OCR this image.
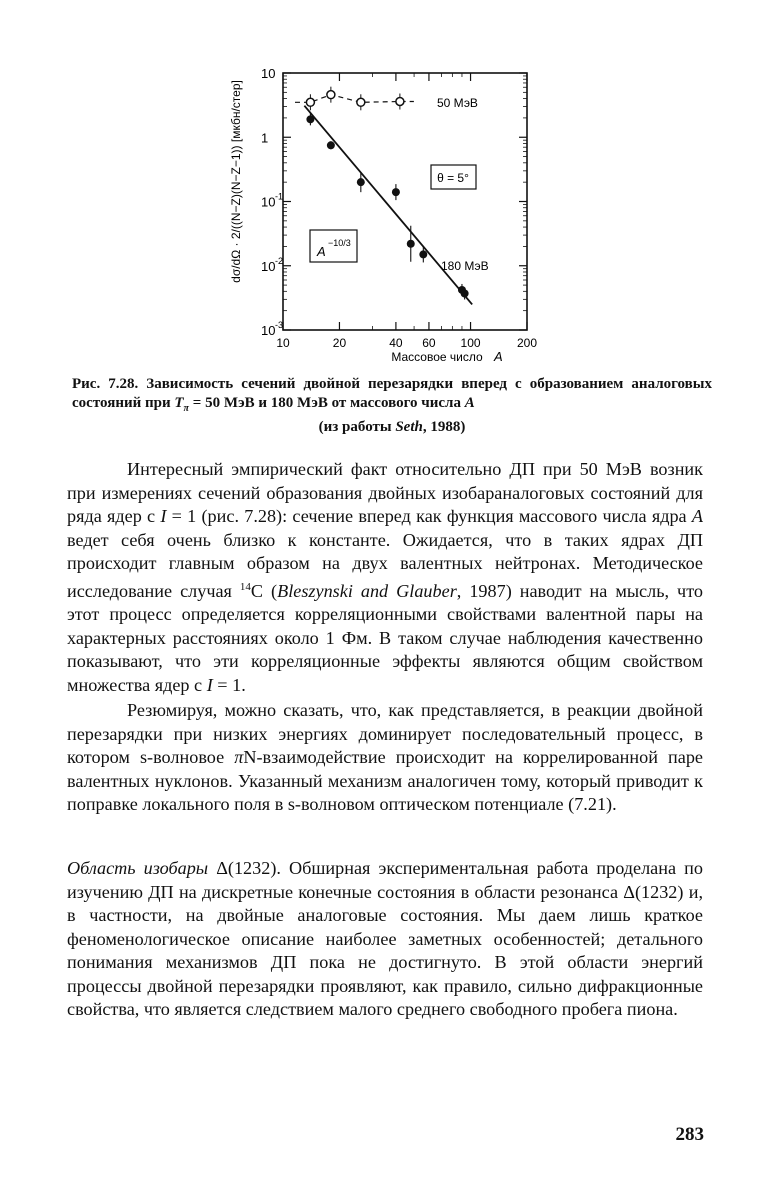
10
1
10 -1
10 -2
10 -3
10	20	40 60 100	200
Массовое число A
dσ/dΩ · 2/((N−Z)(N−Z−1)) [мкбн/стер]	50 МэВ
180 МэВ
θ = 5°
A
−10/3
Рис. 7.28. Зависимость сечений двойной перезарядки вперед с образованием аналоговых состояний при $T_\pi = 50$ МэВ и 180 МэВ от массового числа A
(из работы Seth, 1988)

Интересный эмпирический факт относительно ДП при 50 МэВ возник при измерениях сечений образования двойных изобараналоговых состояний для ряда ядер с I = 1 (рис. 7.28): сечение вперед как функция массового числа ядра A ведет себя очень близко к константе. Ожидается, что в таких ядрах ДП происходит главным образом на двух валентных нейтронах. Методическое исследование случая $^{14}$C (Bleszynski and Glauber, 1987) наводит на мысль, что этот процесс определяется корреляционными свойствами валентной пары на характерных расстояниях около 1 Фм. В таком случае наблюдения качественно показывают, что эти корреляционные эффекты являются общим свойством множества ядер с I = 1.

Резюмируя, можно сказать, что, как представляется, в реакции двойной перезарядки при низких энергиях доминирует последовательный процесс, в котором s-волновое πN-взаимодействие происходит на коррелированной паре валентных нуклонов. Указанный механизм аналогичен тому, который приводит к поправке локального поля в s-волновом оптическом потенциале (7.21).

Область изобары Δ(1232). Обширная экспериментальная работа проделана по изучению ДП на дискретные конечные состояния в области резонанса Δ(1232) и, в частности, на двойные аналоговые состояния. Мы даем лишь краткое феноменологическое описание наиболее заметных особенностей; детального понимания механизмов ДП пока не достигнуто. В этой области энергий процессы двойной перезарядки проявляют, как правило, сильно дифракционные свойства, что является следствием малого среднего свободного пробега пиона.

283
